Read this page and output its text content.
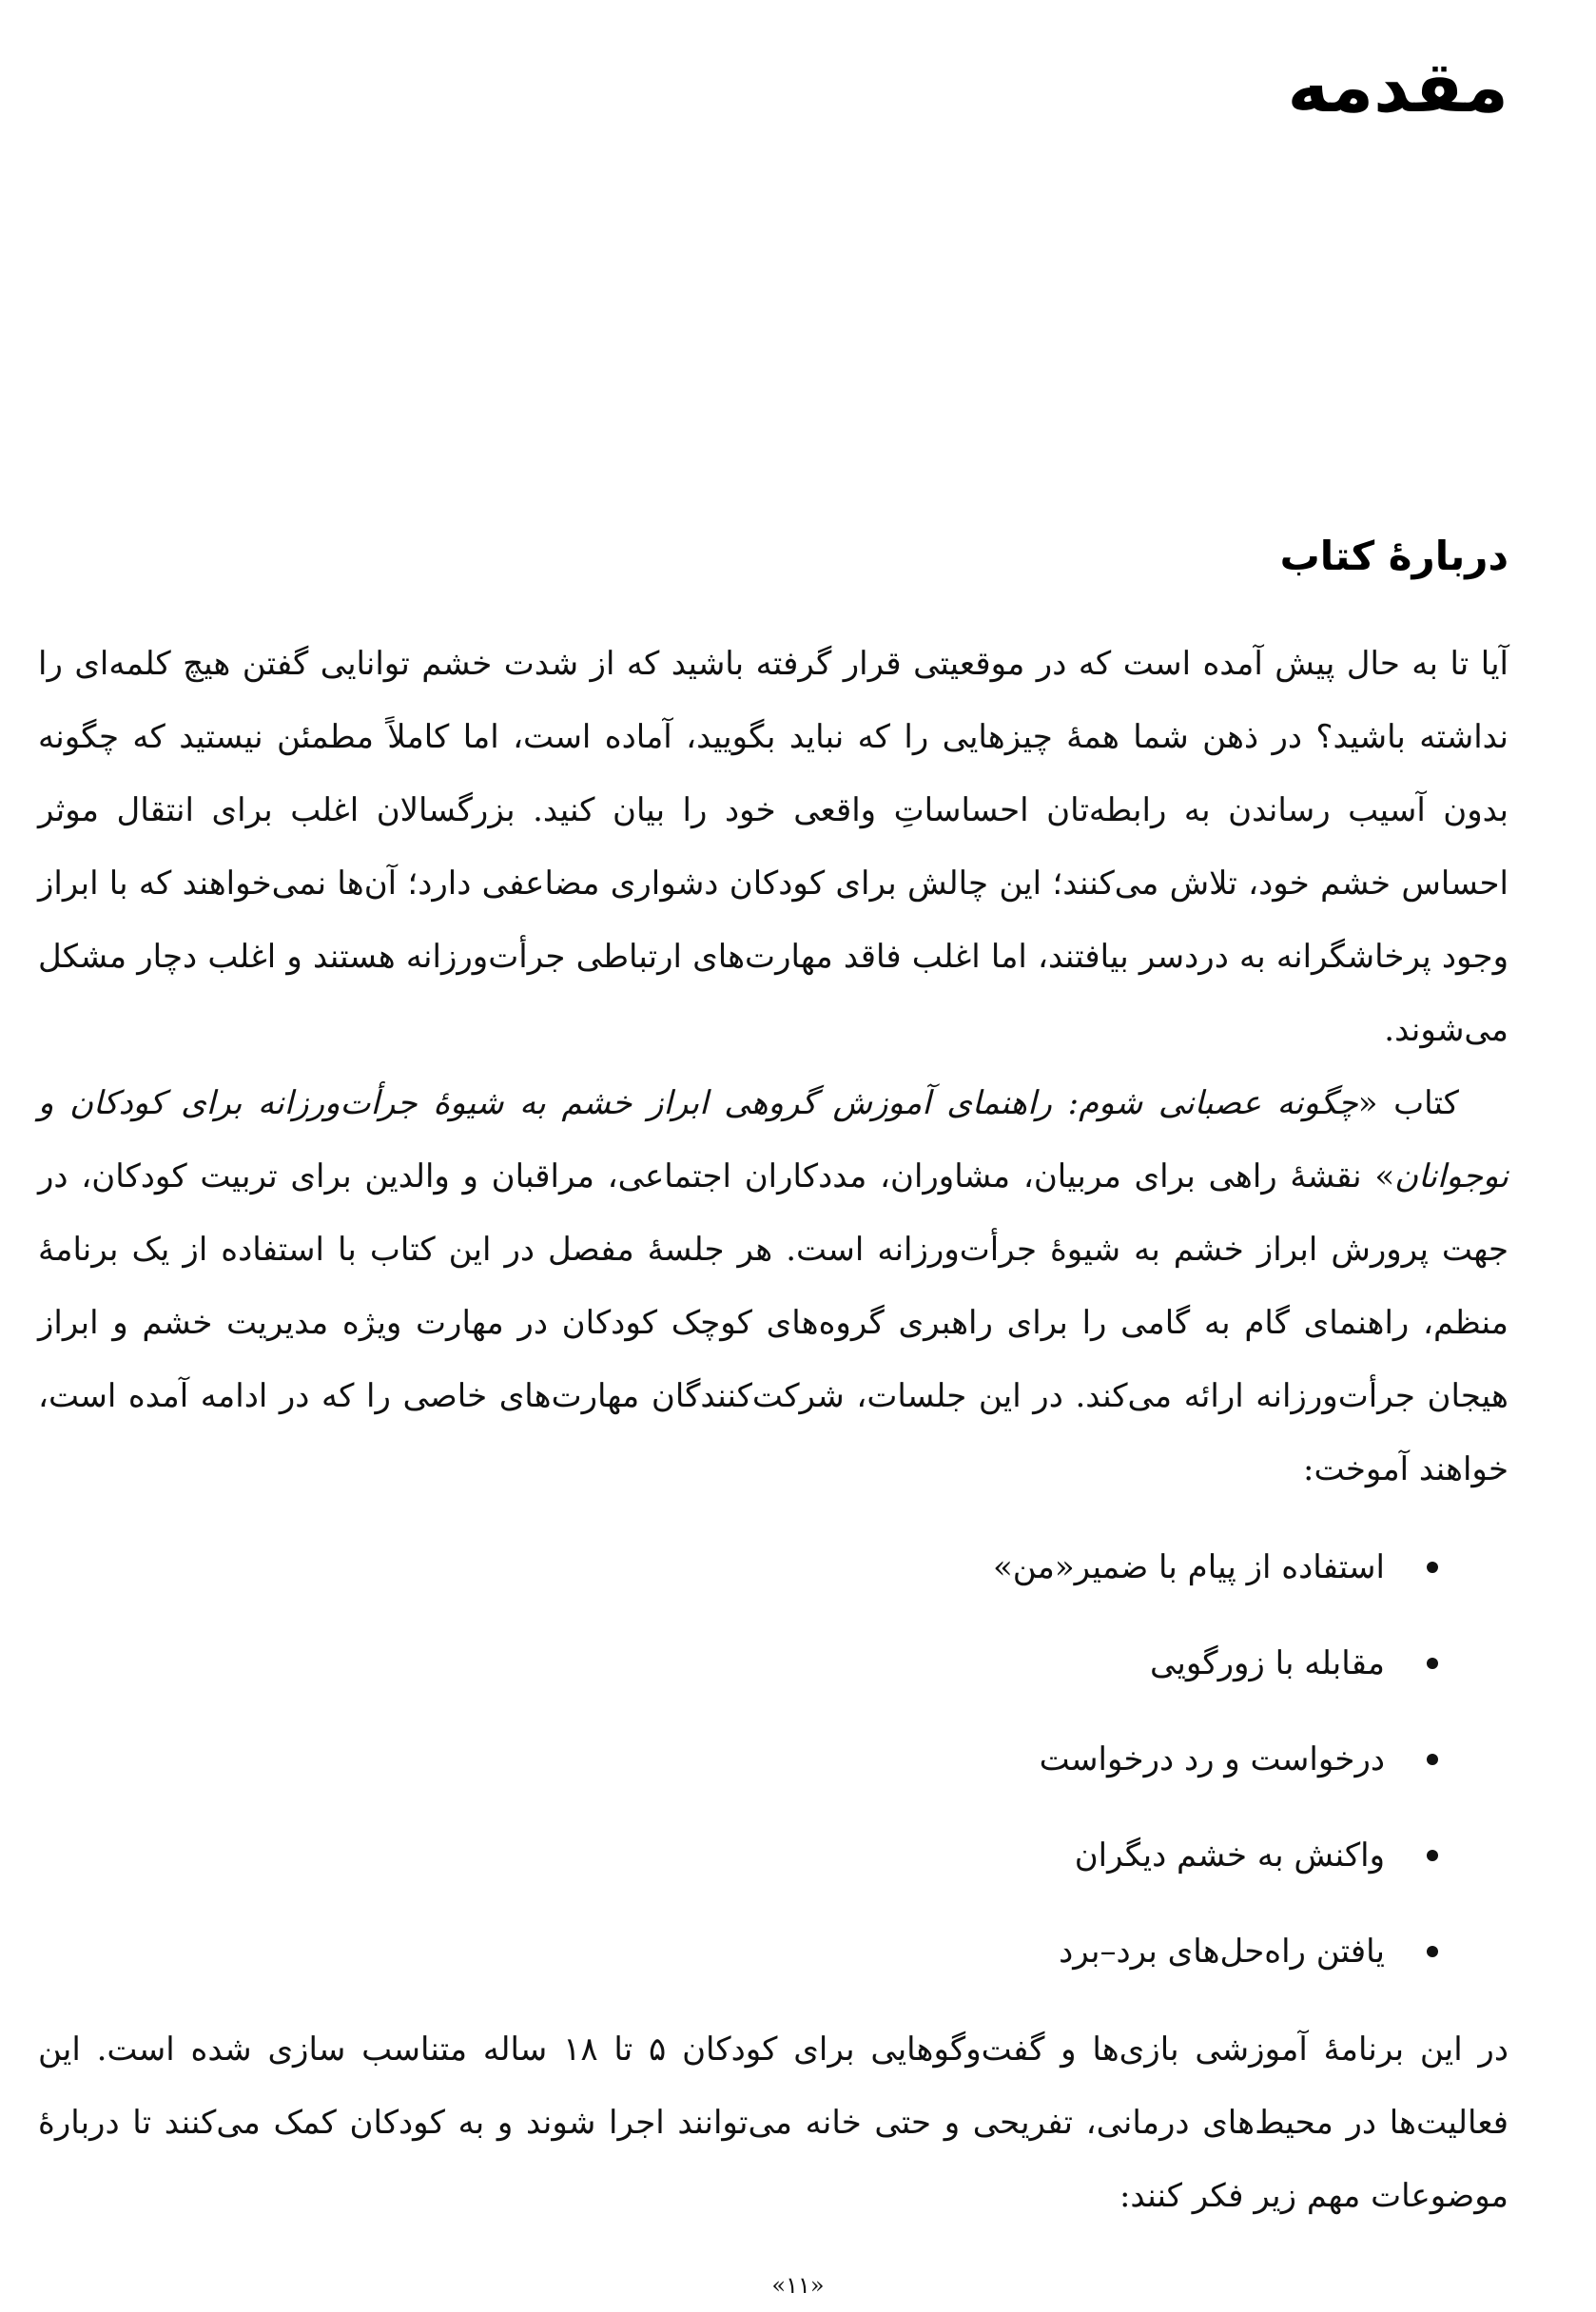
مقدمه
دربارهٔ کتاب

آیا تا به حال پیش آمده است که در موقعیتی قرار گرفته باشید که از شدت خشم توانایی گفتن هیچ کلمه‌ای را نداشته باشید؟ در ذهن شما همهٔ چیزهایی را که نباید بگویید، آماده است، اما کاملاً مطمئن نیستید که چگونه بدون آسیب رساندن به رابطه‌تان احساساتِ واقعی خود را بیان کنید. بزرگسالان اغلب برای انتقال موثر احساس خشم خود، تلاش می‌کنند؛ این چالش برای کودکان دشواری مضاعفی دارد؛ آن‌ها نمی‌خواهند که با ابراز وجود پرخاشگرانه به دردسر بیافتند، اما اغلب فاقد مهارت‌های ارتباطی جرأت‌ورزانه هستند و اغلب دچار مشکل می‌شوند.

کتاب «چگونه عصبانی شوم: راهنمای آموزش گروهی ابراز خشم به شیوهٔ جرأت‌ورزانه برای کودکان و نوجوانان» نقشهٔ راهی برای مربیان، مشاوران، مددکاران اجتماعی، مراقبان و والدین برای تربیت کودکان، در جهت پرورش ابراز خشم به شیوهٔ جرأت‌ورزانه است. هر جلسهٔ مفصل در این کتاب با استفاده از یک برنامهٔ منظم، راهنمای گام به گامی را برای راهبری گروه‌های کوچک کودکان در مهارت ویژه مدیریت خشم و ابراز هیجان جرأت‌ورزانه ارائه می‌کند. در این جلسات، شرکت‌کنندگان مهارت‌های خاصی را که در ادامه آمده است، خواهند آموخت:

استفاده از پیام با ضمیر«من»
مقابله با زورگویی
درخواست و رد درخواست
واکنش به خشم دیگران
یافتن راه‌حل‌های برد–برد

در این برنامهٔ آموزشی بازی‌ها و گفت‌وگوهایی برای کودکان ۵ تا ۱۸ ساله متناسب سازی شده است. این فعالیت‌ها در محیط‌های درمانی، تفریحی و حتی خانه می‌توانند اجرا شوند و به کودکان کمک می‌کنند تا دربارهٔ موضوعات مهم زیر فکر کنند:

«۱۱»
